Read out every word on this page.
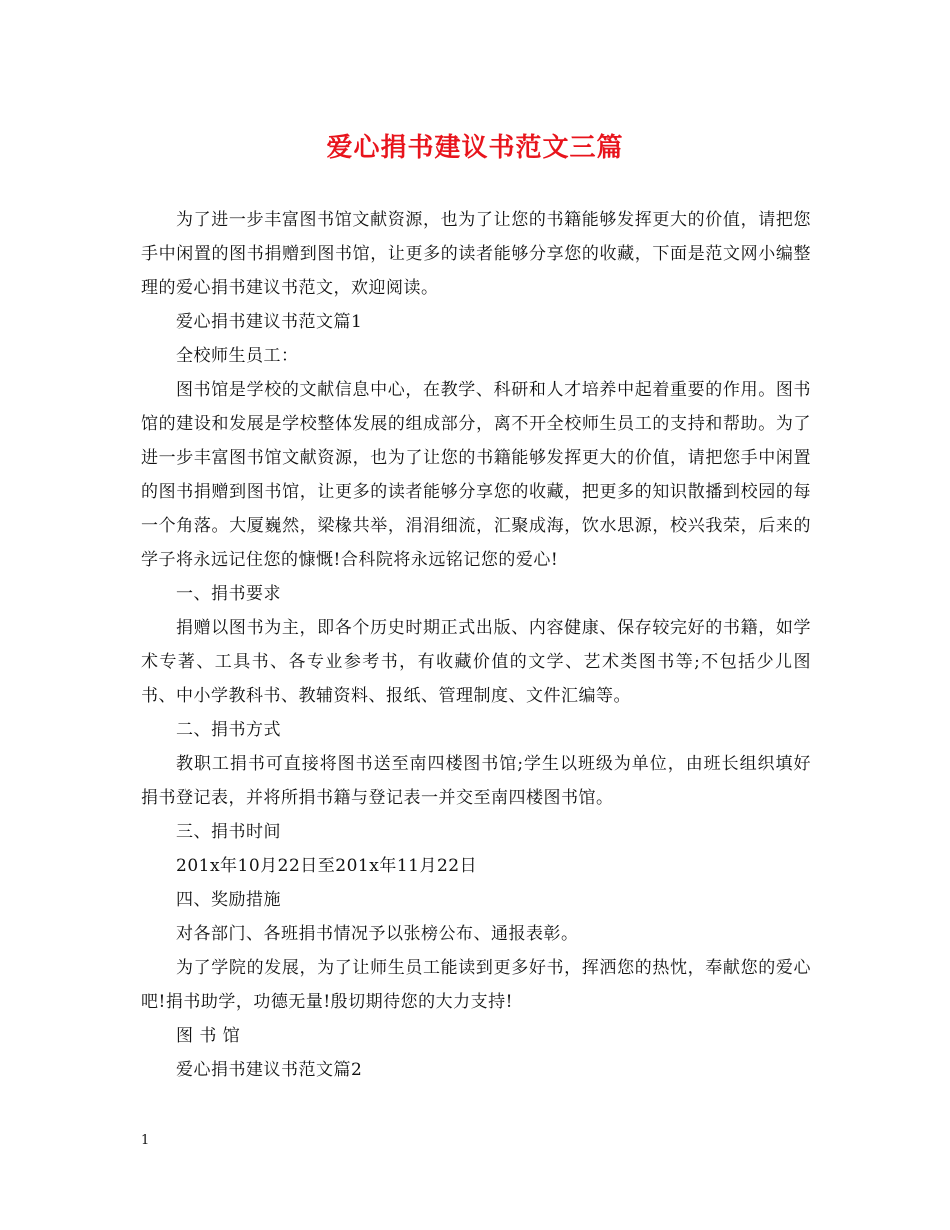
爱心捐书建议书范文三篇

为了进一步丰富图书馆文献资源，也为了让您的书籍能够发挥更大的价值，请把您手中闲置的图书捐赠到图书馆，让更多的读者能够分享您的收藏，下面是范文网小编整理的爱心捐书建议书范文，欢迎阅读。

爱心捐书建议书范文篇1

全校师生员工：

图书馆是学校的文献信息中心，在教学、科研和人才培养中起着重要的作用。图书馆的建设和发展是学校整体发展的组成部分，离不开全校师生员工的支持和帮助。为了进一步丰富图书馆文献资源，也为了让您的书籍能够发挥更大的价值，请把您手中闲置的图书捐赠到图书馆，让更多的读者能够分享您的收藏，把更多的知识散播到校园的每一个角落。大厦巍然，梁椽共举，涓涓细流，汇聚成海，饮水思源，校兴我荣，后来的学子将永远记住您的慷慨!合科院将永远铭记您的爱心!

一、捐书要求

捐赠以图书为主，即各个历史时期正式出版、内容健康、保存较完好的书籍，如学术专著、工具书、各专业参考书，有收藏价值的文学、艺术类图书等;不包括少儿图书、中小学教科书、教辅资料、报纸、管理制度、文件汇编等。

二、捐书方式

教职工捐书可直接将图书送至南四楼图书馆;学生以班级为单位，由班长组织填好捐书登记表，并将所捐书籍与登记表一并交至南四楼图书馆。

三、捐书时间

201x年10月22日至201x年11月22日

四、奖励措施

对各部门、各班捐书情况予以张榜公布、通报表彰。

为了学院的发展，为了让师生员工能读到更多好书，挥洒您的热忱，奉献您的爱心吧!捐书助学，功德无量!殷切期待您的大力支持!

图 书 馆

爱心捐书建议书范文篇2

1
